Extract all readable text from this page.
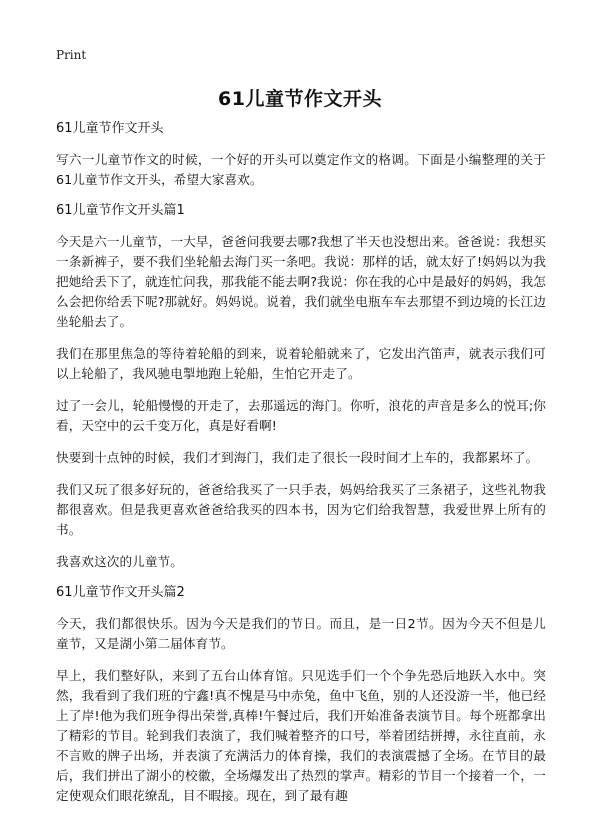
Print
61儿童节作文开头
61儿童节作文开头

写六一儿童节作文的时候，一个好的开头可以奠定作文的格调。下面是小编整理的关于61儿童节作文开头，希望大家喜欢。

61儿童节作文开头篇1

今天是六一儿童节，一大早，爸爸问我要去哪?我想了半天也没想出来。爸爸说：我想买一条新裤子，要不我们坐轮船去海门买一条吧。我说：那样的话，就太好了!妈妈以为我把她给丢下了，就连忙问我，那我能不能去啊?我说：你在我的心中是最好的妈妈，我怎么会把你给丢下呢?那就好。妈妈说。说着，我们就坐电瓶车车去那望不到边境的长江边坐轮船去了。

我们在那里焦急的等待着轮船的到来，说着轮船就来了，它发出汽笛声，就表示我们可以上轮船了，我风驰电掣地跑上轮船，生怕它开走了。

过了一会儿，轮船慢慢的开走了，去那遥远的海门。你听，浪花的声音是多么的悦耳;你看，天空中的云千变万化，真是好看啊!

快要到十点钟的时候，我们才到海门，我们走了很长一段时间才上车的，我都累坏了。

我们又玩了很多好玩的，爸爸给我买了一只手表，妈妈给我买了三条裙子，这些礼物我都很喜欢。但是我更喜欢爸爸给我买的四本书，因为它们给我智慧，我爱世界上所有的书。

我喜欢这次的儿童节。

61儿童节作文开头篇2

今天，我们都很快乐。因为今天是我们的节日。而且，是一日2节。因为今天不但是儿童节，又是湖小第二届体育节。

早上，我们整好队，来到了五台山体育馆。只见选手们一个个争先恐后地跃入水中。突然，我看到了我们班的宁鑫!真不愧是马中赤兔，鱼中飞鱼，别的人还没游一半，他已经上了岸!他为我们班争得出荣誉,真棒!午餐过后，我们开始准备表演节目。每个班都拿出了精彩的节目。轮到我们表演了，我们喊着整齐的口号，举着团结拼搏，永往直前，永不言败的牌子出场，并表演了充满活力的体育操，我们的表演震撼了全场。在节目的最后，我们拼出了湖小的校徽，全场爆发出了热烈的掌声。精彩的节目一个接着一个，一定使观众们眼花缭乱，目不暇接。现在，到了最有趣
